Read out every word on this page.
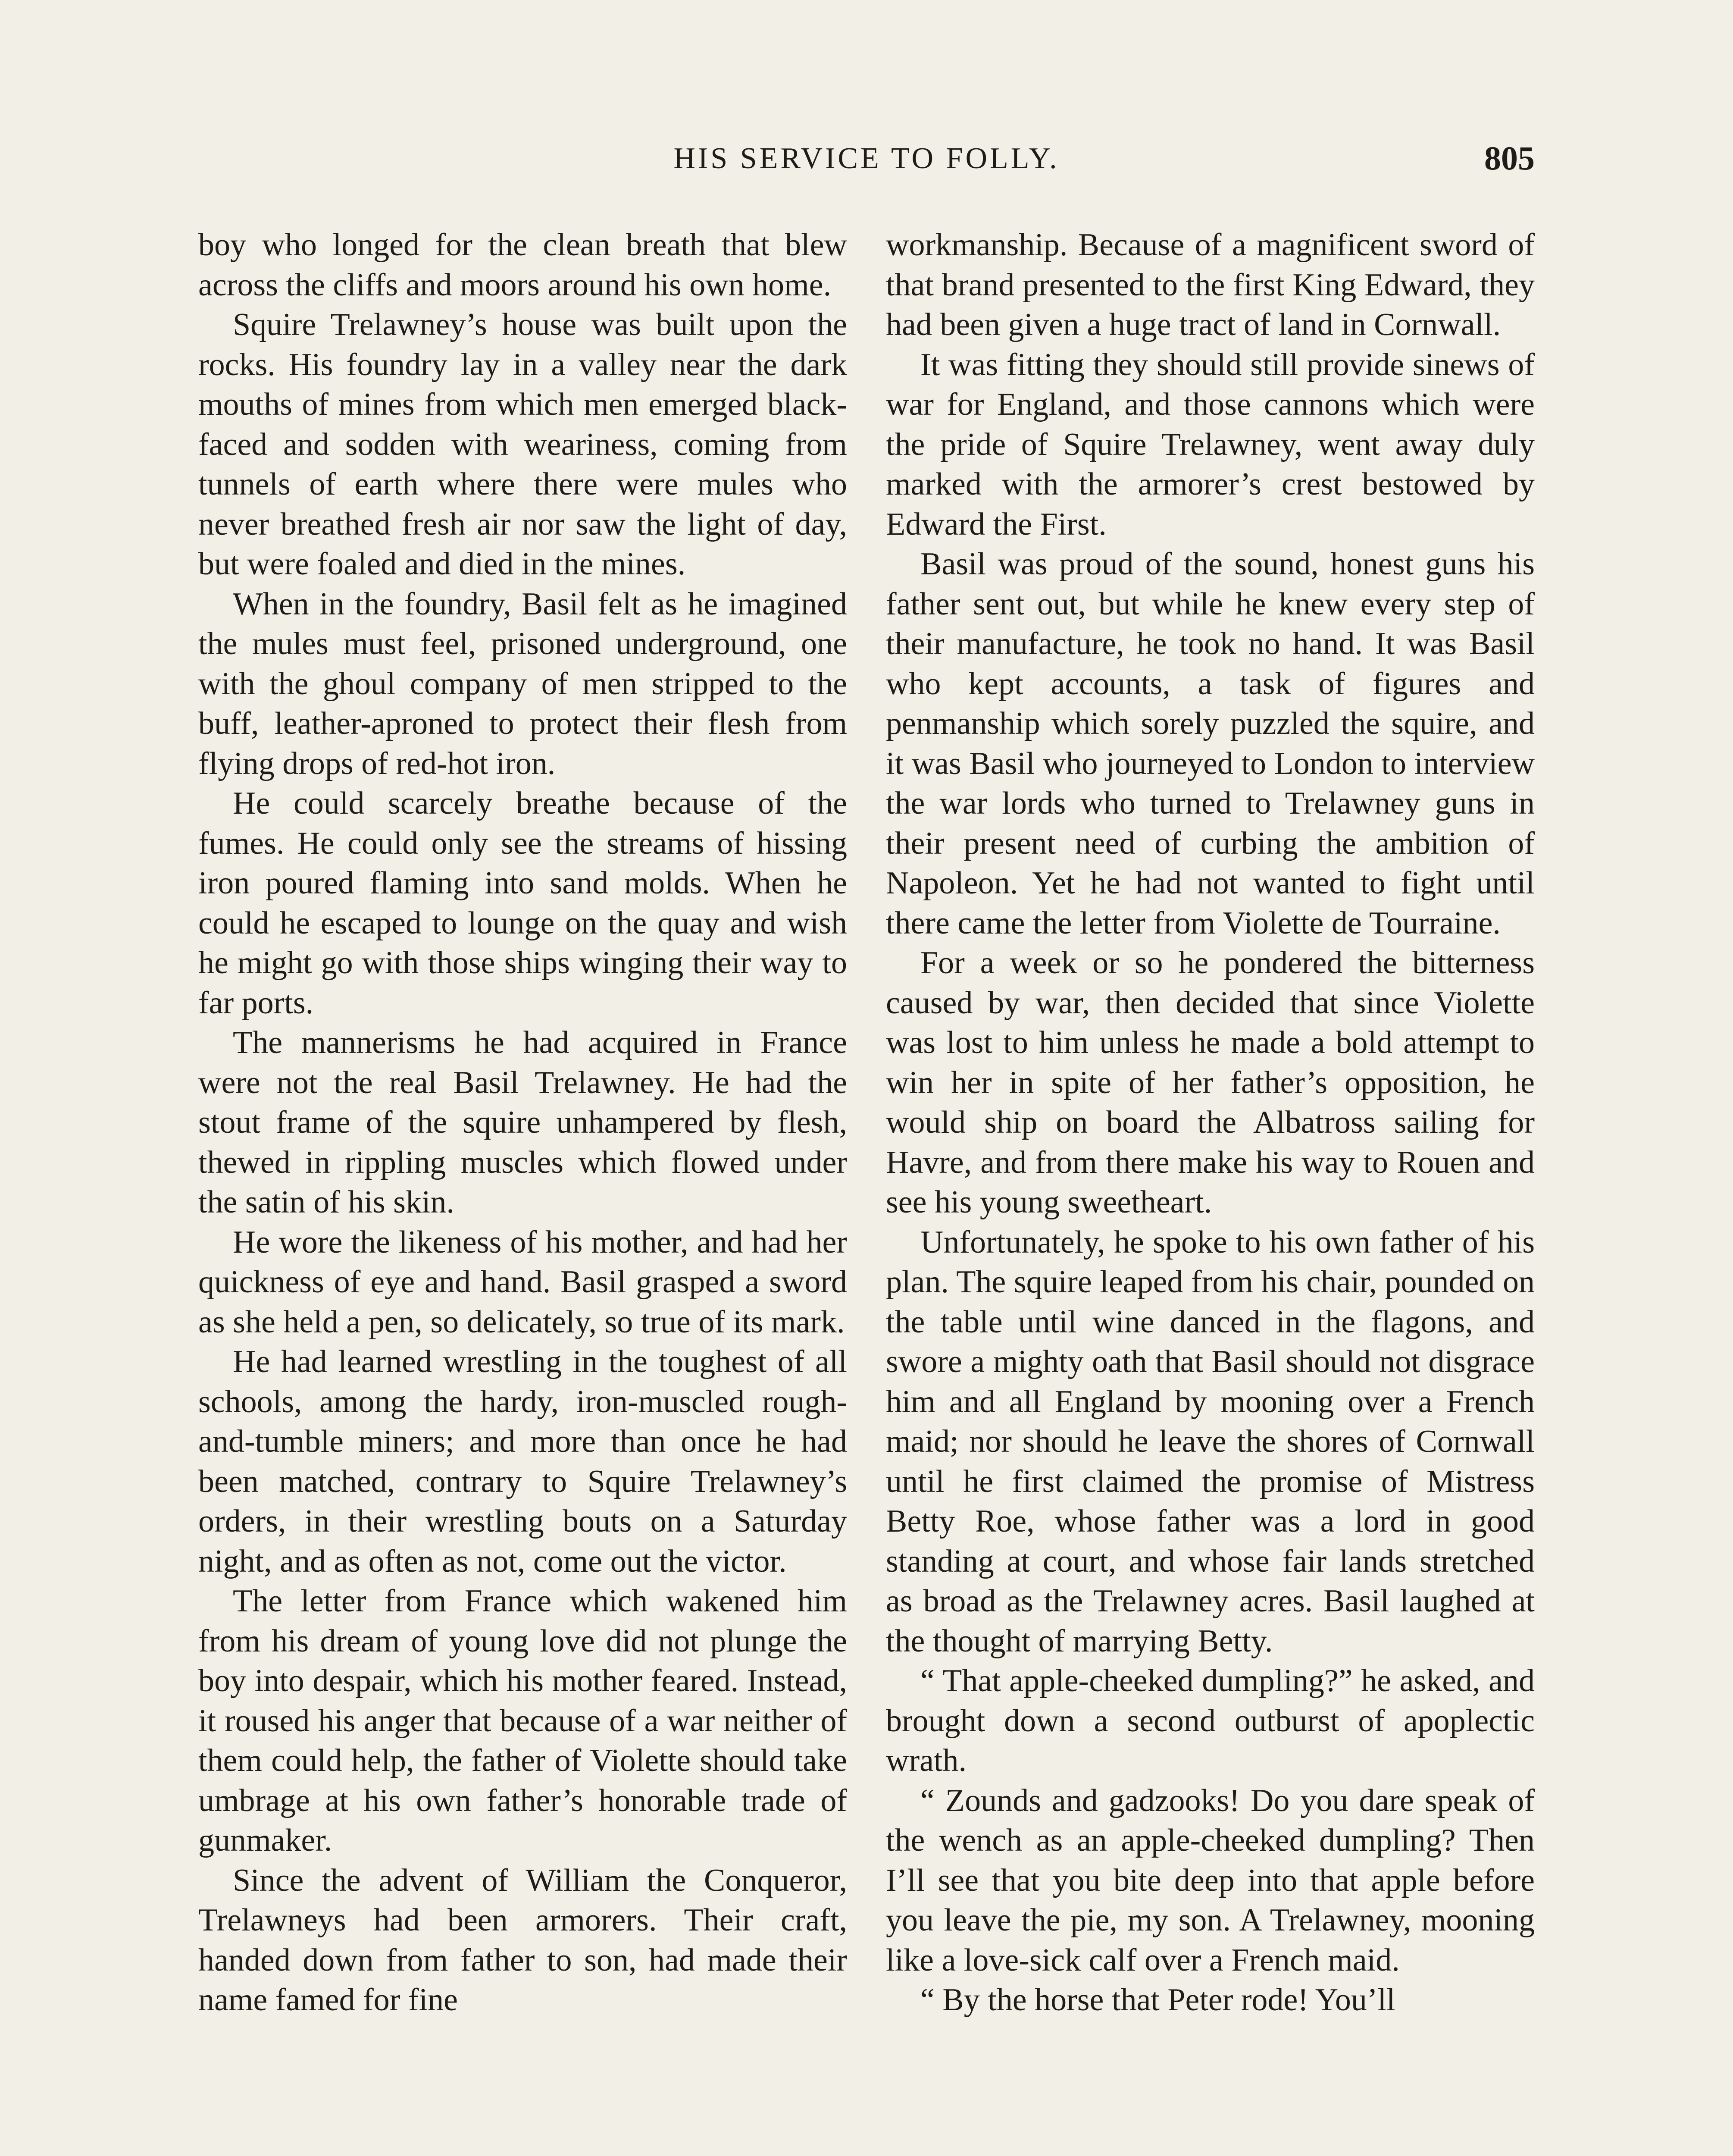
HIS SERVICE TO FOLLY.	805

boy who longed for the clean breath that blew across the cliffs and moors around his own home.

Squire Trelawney’s house was built upon the rocks. His foundry lay in a valley near the dark mouths of mines from which men emerged black-faced and sodden with weariness, coming from tunnels of earth where there were mules who never breathed fresh air nor saw the light of day, but were foaled and died in the mines.

When in the foundry, Basil felt as he imagined the mules must feel, prisoned underground, one with the ghoul company of men stripped to the buff, leather-aproned to protect their flesh from flying drops of red-hot iron.

He could scarcely breathe because of the fumes. He could only see the streams of hissing iron poured flaming into sand molds. When he could he escaped to lounge on the quay and wish he might go with those ships winging their way to far ports.

The mannerisms he had acquired in France were not the real Basil Trelawney. He had the stout frame of the squire unhampered by flesh, thewed in rippling muscles which flowed under the satin of his skin.

He wore the likeness of his mother, and had her quickness of eye and hand. Basil grasped a sword as she held a pen, so delicately, so true of its mark.

He had learned wrestling in the toughest of all schools, among the hardy, iron-muscled rough-and-tumble miners; and more than once he had been matched, contrary to Squire Trelawney’s orders, in their wrestling bouts on a Saturday night, and as often as not, come out the victor.

The letter from France which wakened him from his dream of young love did not plunge the boy into despair, which his mother feared. Instead, it roused his anger that because of a war neither of them could help, the father of Violette should take umbrage at his own father’s honorable trade of gunmaker.

Since the advent of William the Conqueror, Trelawneys had been armorers. Their craft, handed down from father to son, had made their name famed for fine

workmanship. Because of a magnificent sword of that brand presented to the first King Edward, they had been given a huge tract of land in Cornwall.

It was fitting they should still provide sinews of war for England, and those cannons which were the pride of Squire Trelawney, went away duly marked with the armorer’s crest bestowed by Edward the First.

Basil was proud of the sound, honest guns his father sent out, but while he knew every step of their manufacture, he took no hand. It was Basil who kept accounts, a task of figures and penmanship which sorely puzzled the squire, and it was Basil who journeyed to London to interview the war lords who turned to Trelawney guns in their present need of curbing the ambition of Napoleon. Yet he had not wanted to fight until there came the letter from Violette de Tourraine.

For a week or so he pondered the bitterness caused by war, then decided that since Violette was lost to him unless he made a bold attempt to win her in spite of her father’s opposition, he would ship on board the Albatross sailing for Havre, and from there make his way to Rouen and see his young sweetheart.

Unfortunately, he spoke to his own father of his plan. The squire leaped from his chair, pounded on the table until wine danced in the flagons, and swore a mighty oath that Basil should not disgrace him and all England by mooning over a French maid; nor should he leave the shores of Cornwall until he first claimed the promise of Mistress Betty Roe, whose father was a lord in good standing at court, and whose fair lands stretched as broad as the Trelawney acres. Basil laughed at the thought of marrying Betty.

“ That apple-cheeked dumpling?” he asked, and brought down a second outburst of apoplectic wrath.

“ Zounds and gadzooks! Do you dare speak of the wench as an apple-cheeked dumpling? Then I’ll see that you bite deep into that apple before you leave the pie, my son. A Trelawney, mooning like a love-sick calf over a French maid.

“ By the horse that Peter rode! You’ll
